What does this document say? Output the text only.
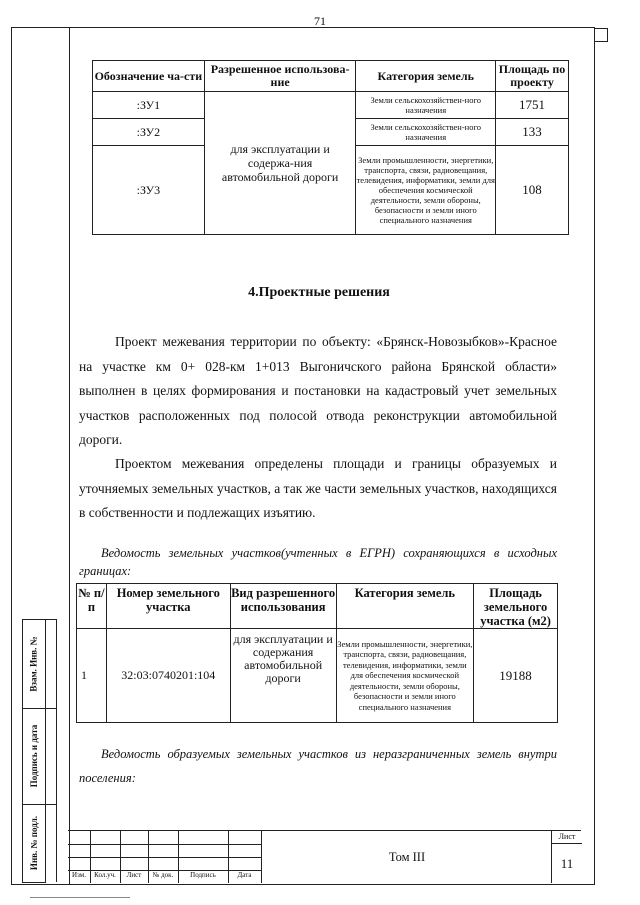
71
Обозначение ча-сти	Разрешенное использова-ние	Категория земель	Площадь по проекту
:ЗУ1	для эксплуатации и содержа-ния автомобильной дороги	Земли сельскохозяйствен-ного назначения	1751
:ЗУ2		Земли сельскохозяйствен-ного назначения	133
:ЗУ3		Земли промышленности, энергетики, транспорта, связи, радиовещания, телевидения, информатики, земли для обеспечения космической деятельности, земли обороны, безопасности и земли иного специального назначения	108
4.Проектные решения

Проект межевания территории по объекту: «Брянск-Новозыбков»-Красное на участке км 0+ 028-км 1+013 Выгоничского района Брянской области» выполнен в целях формирования и постановки на кадастровый учет земельных участков расположенных под полосой отвода реконструкции автомобильной дороги.

Проектом межевания определены площади и границы образуемых и уточняемых земельных участков, а так же части земельных участков, находящихся в собственности и подлежащих изъятию.

Ведомость земельных участков(учтенных в ЕГРН) сохраняющихся в исходных границах:

№ п/п	Номер земельного участка	Вид разрешенного использования	Категория земель	Площадь земельного участка (м2)
1	32:03:0740201:104	для эксплуатации и содержания автомобильной дороги	Земли промышленности, энергетики, транспорта, связи, радиовещания, телевидения, информатики, земли для обеспечения космической деятельности, земли обороны, безопасности и земли иного специального назначения	19188

Ведомость образуемых земельных участков из неразграниченных земель внутри поселения:

Взам. Инв. №
Подпись и дата
Инв. № подл.
Изм.	Кол.уч.	Лист	№ док.	Подпись	Дата
Том III
Лист
11
